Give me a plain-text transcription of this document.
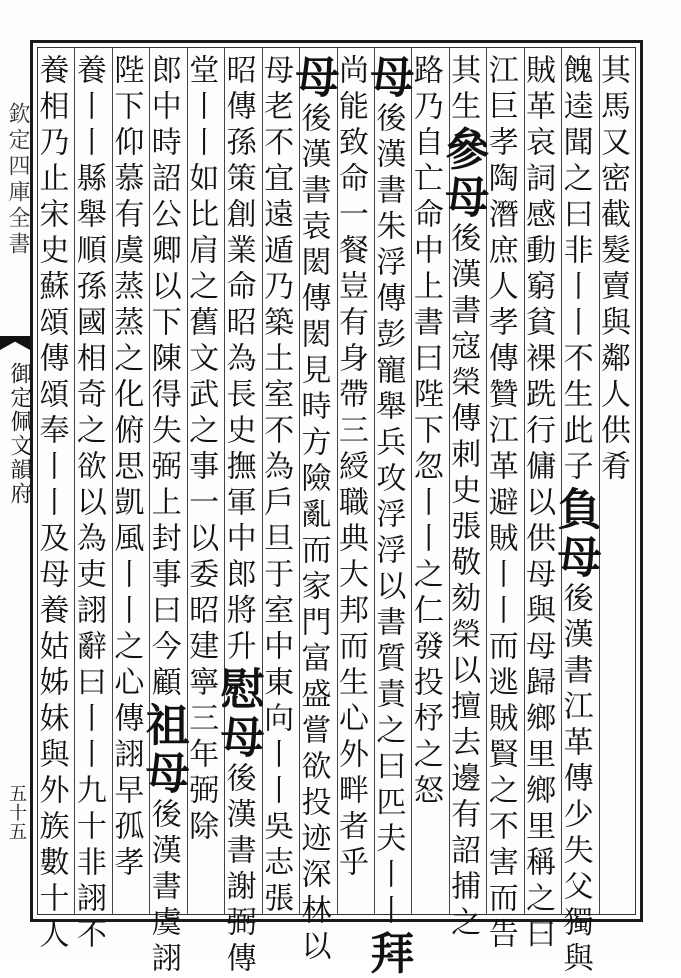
欽定四庫全書
御定佩文韻府
五十五
其馬又密截髮賣與鄰人供肴
餽逵聞之曰非丨丨不生此子負母後漢書江革傳少失父獨與
賊革哀詞感動窮貧裸跣行傭以供母與母歸鄉里鄉里稱之曰
江巨孝陶潛庶人孝傳贊江革避賊丨丨而逃賊賢之不害而告
其生參母後漢書寇榮傳刺史張敬劾榮以擅去邊有詔捕之
路乃自亡命中上書曰陛下忽丨丨之仁發投杼之怒
母後漢書朱浮傳彭寵舉兵攻浮浮以書質責之曰匹夫丨丨拜
尚能致命一餐豈有身帶三綬職典大邦而生心外畔者乎
母後漢書袁閎傳閎見時方險亂而家門富盛嘗欲投迹深林以
母老不宜遠遁乃築土室不為戶旦于室中東向丨丨吳志張
昭傳孫策創業命昭為長史撫軍中郎將升慰母後漢書謝弼傳
堂丨丨如比肩之舊文武之事一以委昭建寧三年弼除
郎中時詔公卿以下陳得失弼上封事曰今顧祖母後漢書虞詡
陛下仰慕有虞蒸蒸之化俯思凱風丨丨之心傳詡早孤孝
養丨丨縣舉順孫國相奇之欲以為吏詡辭曰丨丨九十非詡不
養相乃止宋史蘇頌傳頌奉丨丨及母養姑姊妹與外族數十人
